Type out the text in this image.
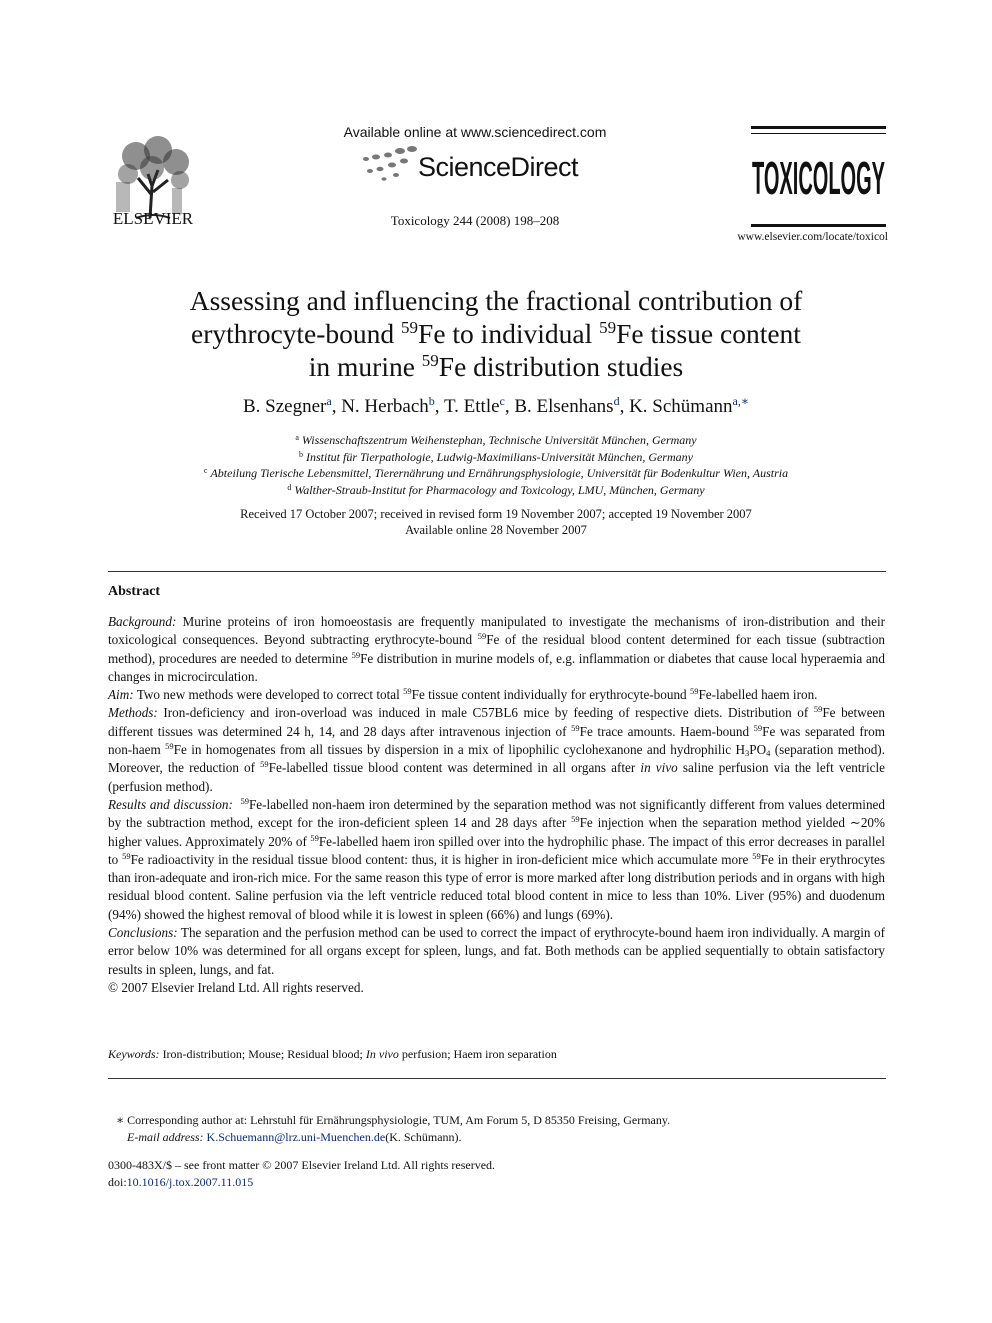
ELSEVIER
Available online at www.sciencedirect.com
ScienceDirect
Toxicology 244 (2008) 198–208
TOXICOLOGY
www.elsevier.com/locate/toxicol
Assessing and influencing the fractional contribution of
erythrocyte-bound $^{59}$Fe to individual $^{59}$Fe tissue content
in murine $^{59}$Fe distribution studies
B. Szegner$^a$, N. Herbach$^b$, T. Ettle$^c$, B. Elsenhans$^d$, K. Schümann$^{a,∗}$
$^a$ Wissenschaftszentrum Weihenstephan, Technische Universität München, Germany
$^b$ Institut für Tierpathologie, Ludwig-Maximilians-Universität München, Germany
$^c$ Abteilung Tierische Lebensmittel, Tierernährung und Ernährungsphysiologie, Universität für Bodenkultur Wien, Austria
$^d$ Walther-Straub-Institut for Pharmacology and Toxicology, LMU, München, Germany
Received 17 October 2007; received in revised form 19 November 2007; accepted 19 November 2007
Available online 28 November 2007
Abstract

Background: Murine proteins of iron homoeostasis are frequently manipulated to investigate the mechanisms of iron-distribution and their toxicological consequences. Beyond subtracting erythrocyte-bound $^{59}$Fe of the residual blood content determined for each tissue (subtraction method), procedures are needed to determine $^{59}$Fe distribution in murine models of, e.g. inflammation or diabetes that cause local hyperaemia and changes in microcirculation.

Aim: Two new methods were developed to correct total $^{59}$Fe tissue content individually for erythrocyte-bound $^{59}$Fe-labelled haem iron.

Methods: Iron-deficiency and iron-overload was induced in male C57BL6 mice by feeding of respective diets. Distribution of $^{59}$Fe between different tissues was determined 24 h, 14, and 28 days after intravenous injection of $^{59}$Fe trace amounts. Haem-bound $^{59}$Fe was separated from non-haem $^{59}$Fe in homogenates from all tissues by dispersion in a mix of lipophilic cyclohexanone and hydrophilic $H_3PO_4$ (separation method). Moreover, the reduction of $^{59}$Fe-labelled tissue blood content was determined in all organs after in vivo saline perfusion via the left ventricle (perfusion method).

Results and discussion: $^{59}$Fe-labelled non-haem iron determined by the separation method was not significantly different from values determined by the subtraction method, except for the iron-deficient spleen 14 and 28 days after $^{59}$Fe injection when the separation method yielded ∼20% higher values. Approximately 20% of $^{59}$Fe-labelled haem iron spilled over into the hydrophilic phase. The impact of this error decreases in parallel to $^{59}$Fe radioactivity in the residual tissue blood content: thus, it is higher in iron-deficient mice which accumulate more $^{59}$Fe in their erythrocytes than iron-adequate and iron-rich mice. For the same reason this type of error is more marked after long distribution periods and in organs with high residual blood content. Saline perfusion via the left ventricle reduced total blood content in mice to less than 10%. Liver (95%) and duodenum (94%) showed the highest removal of blood while it is lowest in spleen (66%) and lungs (69%).

Conclusions: The separation and the perfusion method can be used to correct the impact of erythrocyte-bound haem iron individually. A margin of error below 10% was determined for all organs except for spleen, lungs, and fat. Both methods can be applied sequentially to obtain satisfactory results in spleen, lungs, and fat.

© 2007 Elsevier Ireland Ltd. All rights reserved.

Keywords: Iron-distribution; Mouse; Residual blood; In vivo perfusion; Haem iron separation
∗ Corresponding author at: Lehrstuhl für Ernährungsphysiologie, TUM, Am Forum 5, D 85350 Freising, Germany.
E-mail address: K.Schuemann@lrz.uni-Muenchen.de(K. Schümann).
0300-483X/$ – see front matter © 2007 Elsevier Ireland Ltd. All rights reserved.
doi:10.1016/j.tox.2007.11.015
